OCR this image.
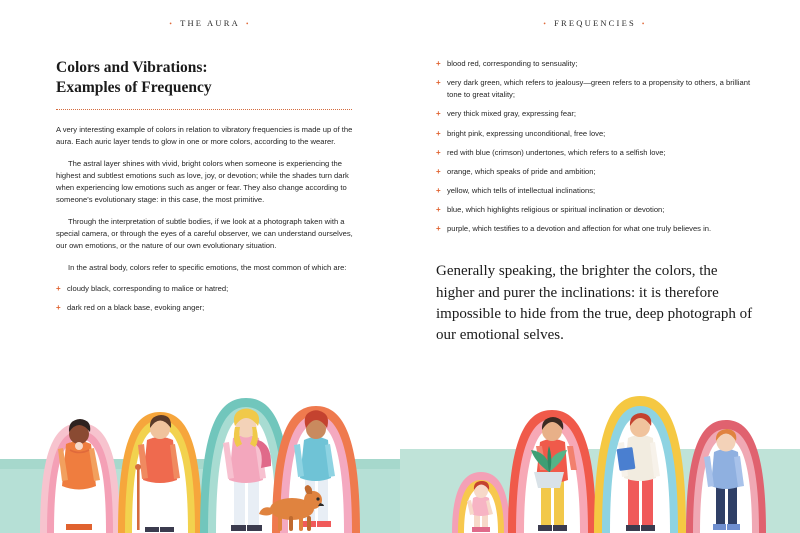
• THE AURA •
Colors and Vibrations:
Examples of Frequency

A very interesting example of colors in relation to vibratory frequencies is made up of the aura. Each auric layer tends to glow in one or more colors, according to the wearer.

The astral layer shines with vivid, bright colors when someone is experiencing the highest and subtlest emotions such as love, joy, or devotion; while the shades turn dark when experiencing low emotions such as anger or fear. They also change according to someone's evolutionary stage: in this case, the most primitive.

Through the interpretation of subtle bodies, if we look at a photograph taken with a special camera, or through the eyes of a careful observer, we can understand ourselves, our own emotions, or the nature of our own evolutionary situation.

In the astral body, colors refer to specific emotions, the most common of which are:

+ cloudy black, corresponding to malice or hatred;
+ dark red on a black base, evoking anger;
• FREQUENCIES •
+ blood red, corresponding to sensuality;
+ very dark green, which refers to jealousy—green refers to a propensity to others, a brilliant tone to great vitality;
+ very thick mixed gray, expressing fear;
+ bright pink, expressing unconditional, free love;
+ red with blue (crimson) undertones, which refers to a selfish love;
+ orange, which speaks of pride and ambition;
+ yellow, which tells of intellectual inclinations;
+ blue, which highlights religious or spiritual inclination or devotion;
+ purple, which testifies to a devotion and affection for what one truly believes in.

Generally speaking, the brighter the colors, the higher and purer the inclinations: it is therefore impossible to hide from the true, deep photograph of our emotional selves.
